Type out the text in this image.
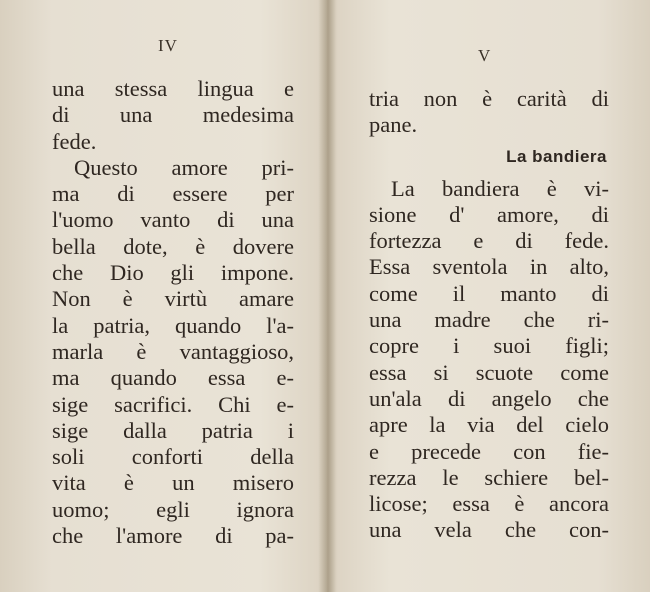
IV
una stessa lingua e
di una medesima
fede.
Questo amore pri-
ma di essere per
l'uomo vanto di una
bella dote, è dovere
che Dio gli impone.
Non è virtù amare
la patria, quando l'a-
marla è vantaggioso,
ma quando essa e-
sige sacrifici. Chi e-
sige dalla patria i
soli conforti della
vita è un misero
uomo; egli ignora
che l'amore di pa-
V
tria non è carità di
pane.
La bandiera
La bandiera è vi-
sione d' amore, di
fortezza e di fede.
Essa sventola in alto,
come il manto di
una madre che ri-
copre i suoi figli;
essa si scuote come
un'ala di angelo che
apre la via del cielo
e precede con fie-
rezza le schiere bel-
licose; essa è ancora
una vela che con-
